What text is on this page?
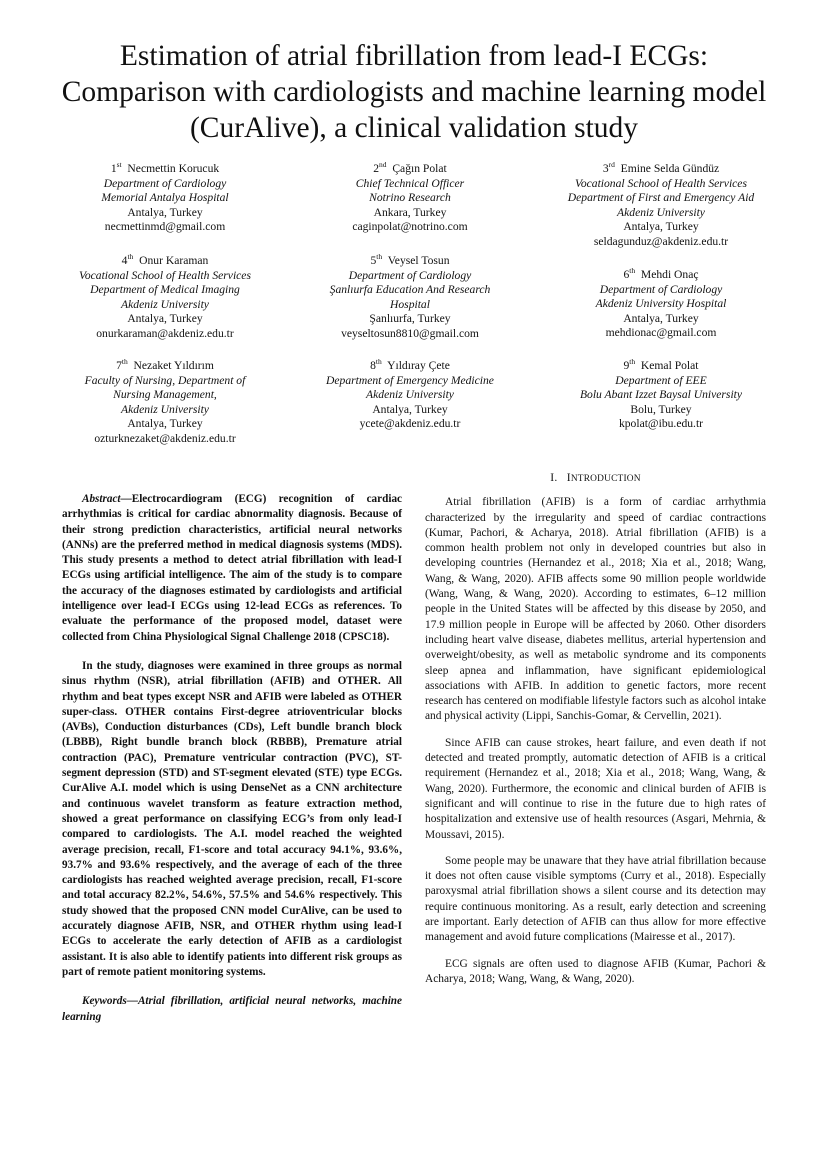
Estimation of atrial fibrillation from lead-I ECGs: Comparison with cardiologists and machine learning model (CurAlive), a clinical validation study
1st Necmettin Korucuk
Department of Cardiology
Memorial Antalya Hospital
Antalya, Turkey
necmettinmd@gmail.com
2nd Çağın Polat
Chief Technical Officer
Notrino Research
Ankara, Turkey
caginpolat@notrino.com
3rd Emine Selda Gündüz
Vocational School of Health Services
Department of First and Emergency Aid
Akdeniz University
Antalya, Turkey
seldagunduz@akdeniz.edu.tr
4th Onur Karaman
Vocational School of Health Services
Department of Medical Imaging
Akdeniz University
Antalya, Turkey
onurkaraman@akdeniz.edu.tr
5th Veysel Tosun
Department of Cardiology
Şanlıurfa Education And Research
Hospital
Şanlıurfa, Turkey
veyseltosun8810@gmail.com
6th Mehdi Onaç
Department of Cardiology
Akdeniz University Hospital
Antalya, Turkey
mehdionac@gmail.com
7th Nezaket Yıldırım
Faculty of Nursing, Department of
Nursing Management,
Akdeniz University
Antalya, Turkey
ozturknezaket@akdeniz.edu.tr
8th Yıldıray Çete
Department of Emergency Medicine
Akdeniz University
Antalya, Turkey
ycete@akdeniz.edu.tr
9th Kemal Polat
Department of EEE
Bolu Abant Izzet Baysal University
Bolu, Turkey
kpolat@ibu.edu.tr

Abstract—Electrocardiogram (ECG) recognition of cardiac arrhythmias is critical for cardiac abnormality diagnosis. Because of their strong prediction characteristics, artificial neural networks (ANNs) are the preferred method in medical diagnosis systems (MDS). This study presents a method to detect atrial fibrillation with lead-I ECGs using artificial intelligence. The aim of the study is to compare the accuracy of the diagnoses estimated by cardiologists and artificial intelligence over lead-I ECGs using 12-lead ECGs as references. To evaluate the performance of the proposed model, dataset were collected from China Physiological Signal Challenge 2018 (CPSC18).

In the study, diagnoses were examined in three groups as normal sinus rhythm (NSR), atrial fibrillation (AFIB) and OTHER. All rhythm and beat types except NSR and AFIB were labeled as OTHER super-class. OTHER contains First-degree atrioventricular blocks (AVBs), Conduction disturbances (CDs), Left bundle branch block (LBBB), Right bundle branch block (RBBB), Premature atrial contraction (PAC), Premature ventricular contraction (PVC), ST-segment depression (STD) and ST-segment elevated (STE) type ECGs. CurAlive A.I. model which is using DenseNet as a CNN architecture and continuous wavelet transform as feature extraction method, showed a great performance on classifying ECG’s from only lead-I compared to cardiologists. The A.I. model reached the weighted average precision, recall, F1-score and total accuracy 94.1%, 93.6%, 93.7% and 93.6% respectively, and the average of each of the three cardiologists has reached weighted average precision, recall, F1-score and total accuracy 82.2%, 54.6%, 57.5% and 54.6% respectively. This study showed that the proposed CNN model CurAlive, can be used to accurately diagnose AFIB, NSR, and OTHER rhythm using lead-I ECGs to accelerate the early detection of AFIB as a cardiologist assistant. It is also able to identify patients into different risk groups as part of remote patient monitoring systems.

Keywords—Atrial fibrillation, artificial neural networks, machine learning

I. INTRODUCTION

Atrial fibrillation (AFIB) is a form of cardiac arrhythmia characterized by the irregularity and speed of cardiac contractions (Kumar, Pachori, & Acharya, 2018). Atrial fibrillation (AFIB) is a common health problem not only in developed countries but also in developing countries (Hernandez et al., 2018; Xia et al., 2018; Wang, Wang, & Wang, 2020). AFIB affects some 90 million people worldwide (Wang, Wang, & Wang, 2020). According to estimates, 6–12 million people in the United States will be affected by this disease by 2050, and 17.9 million people in Europe will be affected by 2060. Other disorders including heart valve disease, diabetes mellitus, arterial hypertension and overweight/obesity, as well as metabolic syndrome and its components sleep apnea and inflammation, have significant epidemiological associations with AFIB. In addition to genetic factors, more recent research has centered on modifiable lifestyle factors such as alcohol intake and physical activity (Lippi, Sanchis-Gomar, & Cervellin, 2021).

Since AFIB can cause strokes, heart failure, and even death if not detected and treated promptly, automatic detection of AFIB is a critical requirement (Hernandez et al., 2018; Xia et al., 2018; Wang, Wang, & Wang, 2020). Furthermore, the economic and clinical burden of AFIB is significant and will continue to rise in the future due to high rates of hospitalization and extensive use of health resources (Asgari, Mehrnia, & Moussavi, 2015).

Some people may be unaware that they have atrial fibrillation because it does not often cause visible symptoms (Curry et al., 2018). Especially paroxysmal atrial fibrillation shows a silent course and its detection may require continuous monitoring. As a result, early detection and screening are important. Early detection of AFIB can thus allow for more effective management and avoid future complications (Mairesse et al., 2017).

ECG signals are often used to diagnose AFIB (Kumar, Pachori & Acharya, 2018; Wang, Wang, & Wang, 2020).
